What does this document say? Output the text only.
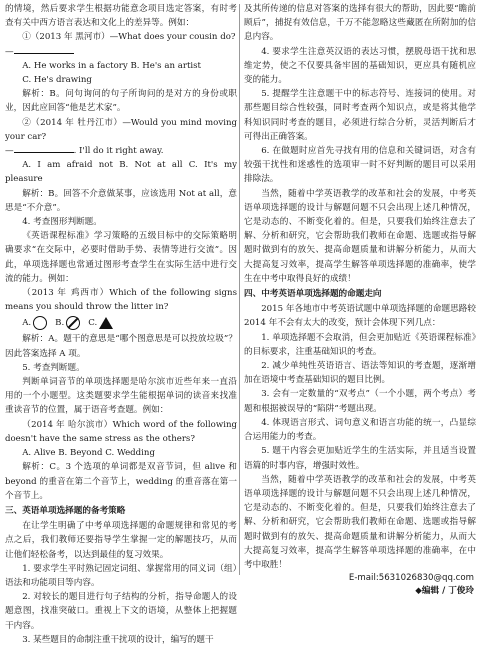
的情境，然后要求学生根据功能意念项目选定答案，有时考查有关中西方语言表达和文化上的差异等。例如：

①（2013 年 黑河市）—What does your cousin do?

—

A. He works in a factory B. He's an artist

C. He's drawing

解析：B。问句询问的句子所询问的是对方的身份或职业，因此应回答“他是艺术家”。

②（2014 年 牡丹江市）—Would you mind moving your car?

—	. I'll do it right away.

A. I am afraid not B. Not at all C. It's my pleasure

解析：B。回答不介意做某事，应该选用 Not at all，意思是“不介意”。

4. 考查图形判断题。

《英语课程标准》学习策略的五级目标中的交际策略明确要求“在交际中，必要时借助手势、表情等进行交流”。因此，单项选择题也常通过图形考查学生在实际生活中进行交流的能力。例如：

（2013 年 鸡西市）Which of the following signs means you should throw the litter in?

A.	B.	C.

解析：A。题干的意思是“哪个图意思是可以投放垃圾”？因此答案选择 A 项。

5. 考查判断题。

判断单词音节的单项选择题是哈尔滨市近些年来一直沿用的一个小题型。这类题要求学生能根据单词的读音来找准重读音节的位置，属于语音考查题。例如：

（2014 年 哈尔滨市）Which word of the following doesn't have the same stress as the others?

A. Alive B. Beyond C. Wedding

解析：C。3 个选项的单词都是双音节词，但 alive 和 beyond 的重音在第二个音节上，wedding 的重音落在第一个音节上。

三、英语单项选择题的备考策略

在让学生明确了中考单项选择题的命题规律和常见的考点之后，我们教师还要指导学生掌握一定的解题技巧，从而让他们轻松备考，以达到最佳的复习效果。

1. 要求学生平时熟记固定词组、掌握常用的同义词（组）语法和功能项目等内容。

2. 对较长的题目进行句子结构的分析，指导命题人的设题意图，找准突破口。重视上下文的语境，从整体上把握题干内容。

3. 某些题目的命制注重干扰项的设计，编写的题干

及其所传递的信息对答案的选择有很大的帮助，因此要“瞻前顾后”，捕捉有效信息，千万不能忽略这些藏匿在所附加的信息内容。

4. 要求学生注意英汉语的表达习惯，摆脱母语干扰和思维定势，使之不仅要具备牢固的基础知识，更应具有随机应变的能力。

5. 提醒学生注意题干中的标志符号、连接词的使用。对那些题目综合性较强，同时考查两个知识点，或是将其他学科知识同时考查的题目，必须进行综合分析，灵活判断后才可得出正确答案。

6. 在做题时应首先寻找有用的信息和关键词语，对含有较强干扰性和迷惑性的选项审一时不好判断的题目可以采用排除法。

当然，随着中学英语教学的改革和社会的发展，中考英语单项选择题的设计与解题问题不只会出现上述几种情况，它是动态的、不断变化着的。但是，只要我们始终注意去了解、分析和研究，它会帮助我们教师在命题、选题或指导解题时做到有的放矢、提高命题质量和讲解分析能力，从而大大提高复习效率，提高学生解答单项选择题的准确率，使学生在中考中取得良好的成绩！

四、中考英语单项选择题的命题走向

2015 年各地市中考英语试题中单项选择题的命题思路较 2014 年不会有太大的改变，预计会体现下列几点：

1. 单项选择题不会取消，但会更加贴近《英语课程标准》的目标要求，注重基础知识的考查。

2. 减少单纯性英语语言、语法等知识的考查题，逐渐增加在语境中考查基础知识的题目比例。

3. 会有一定数量的“双考点”（一个小题，两个考点）考题和根据被误导的“陷阱”考题出现。

4. 体现语言形式、词句意义和语言功能的统一，凸显综合运用能力的考查。

5. 题干内容会更加贴近学生的生活实际，并且适当设置语篇的时事内容，增强时效性。

当然，随着中学英语教学的改革和社会的发展，中考英语单项选择题的设计与解题问题不只会出现上述几种情况，它是动态的、不断变化着的。但是，只要我们始终注意去了解、分析和研究，它会帮助我们教师在命题、选题或指导解题时做到有的放矢、提高命题质量和讲解分析能力，从而大大提高复习效率，提高学生解答单项选择题的准确率，在中考中取胜！

E-mail:5631026830@qq.com
◆编辑 / 丁俊玲
